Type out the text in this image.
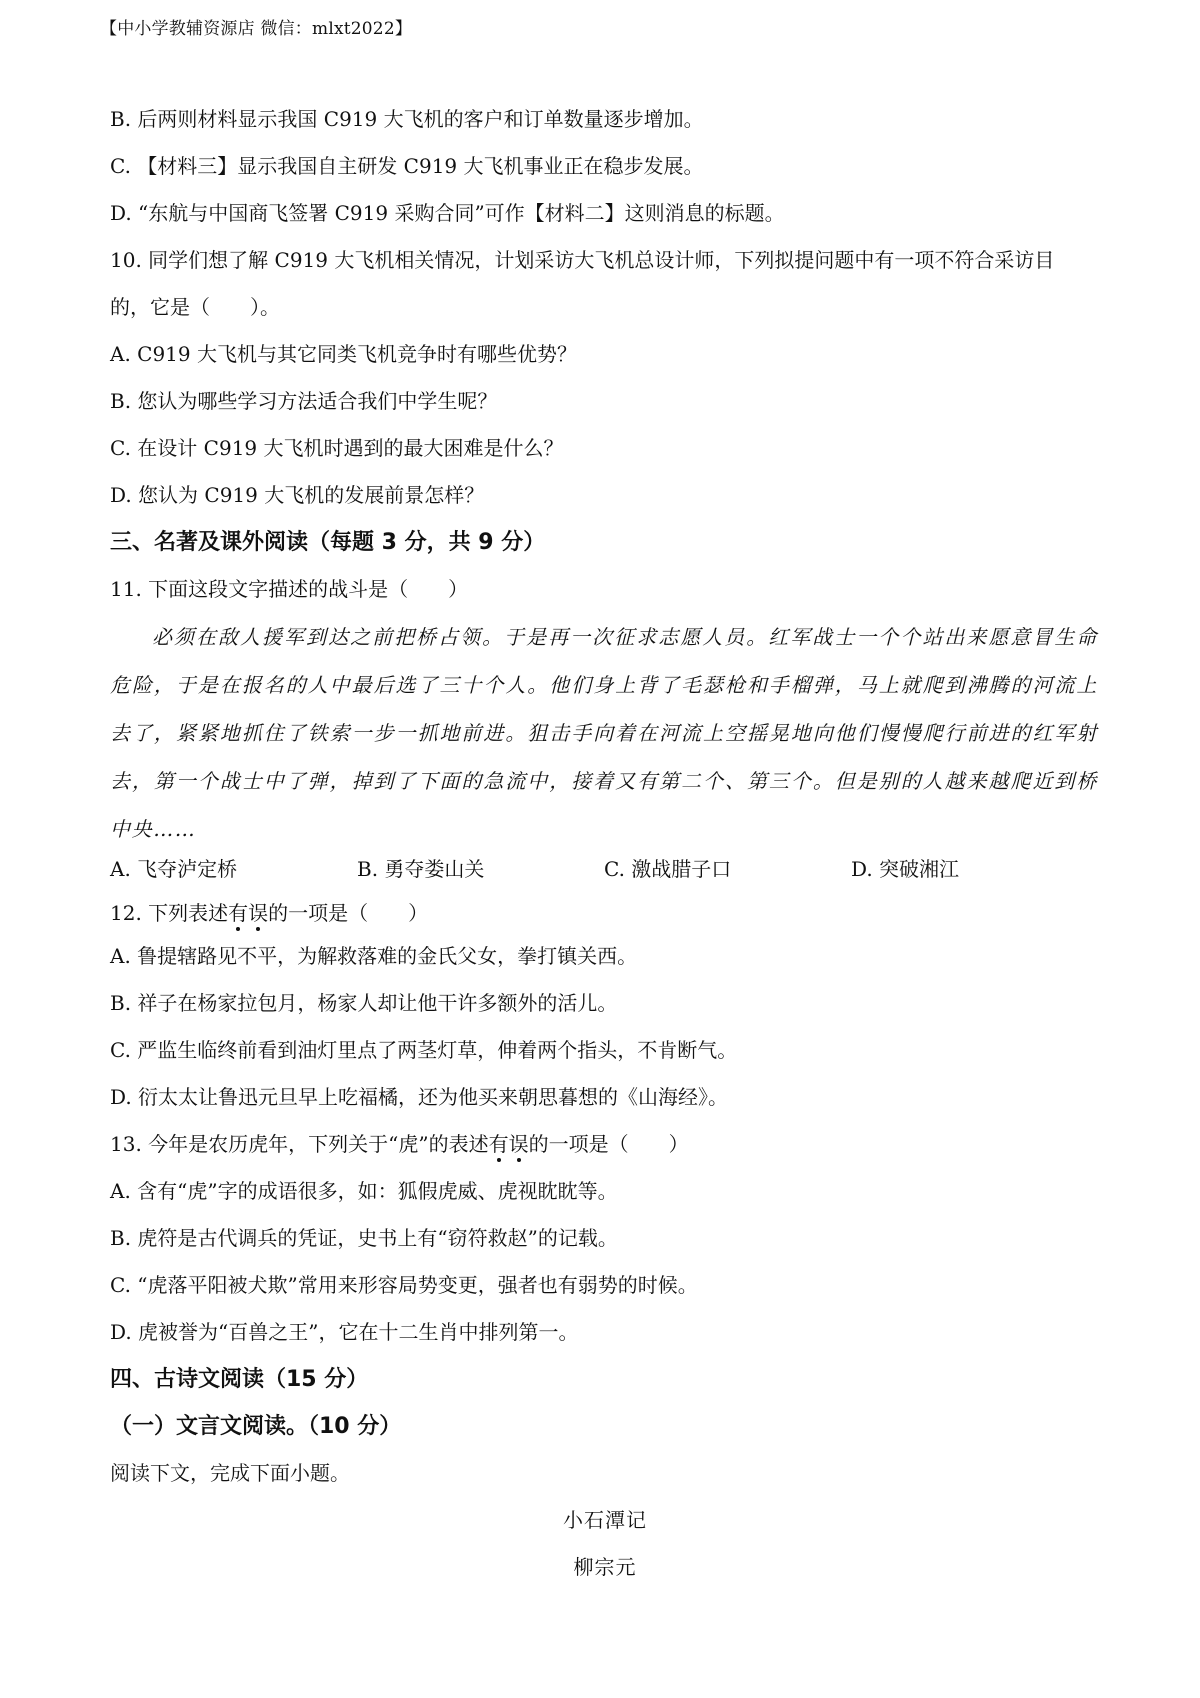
【中小学教辅资源店 微信：mlxt2022】
B. 后两则材料显示我国 C919 大飞机的客户和订单数量逐步增加。
C. 【材料三】显示我国自主研发 C919 大飞机事业正在稳步发展。
D. “东航与中国商飞签署 C919 采购合同”可作【材料二】这则消息的标题。
10. 同学们想了解 C919 大飞机相关情况，计划采访大飞机总设计师，下列拟提问题中有一项不符合采访目
的，它是（　　）。
A. C919 大飞机与其它同类飞机竞争时有哪些优势？
B. 您认为哪些学习方法适合我们中学生呢？
C. 在设计 C919 大飞机时遇到的最大困难是什么？
D. 您认为 C919 大飞机的发展前景怎样？
三、名著及课外阅读（每题 3 分，共 9 分）
11. 下面这段文字描述的战斗是（　　）

必须在敌人援军到达之前把桥占领。于是再一次征求志愿人员。红军战士一个个站出来愿意冒生命危险，于是在报名的人中最后选了三十个人。他们身上背了毛瑟枪和手榴弹，马上就爬到沸腾的河流上去了，紧紧地抓住了铁索一步一抓地前进。狙击手向着在河流上空摇晃地向他们慢慢爬行前进的红军射去，第一个战士中了弹，掉到了下面的急流中，接着又有第二个、第三个。但是别的人越来越爬近到桥中央……

A. 飞夺泸定桥	B. 勇夺娄山关	C. 激战腊子口	D. 突破湘江
12. 下列表述有误的一项是（　　）
A. 鲁提辖路见不平，为解救落难的金氏父女，拳打镇关西。
B. 祥子在杨家拉包月，杨家人却让他干许多额外的活儿。
C. 严监生临终前看到油灯里点了两茎灯草，伸着两个指头，不肯断气。
D. 衍太太让鲁迅元旦早上吃福橘，还为他买来朝思暮想的《山海经》。
13. 今年是农历虎年，下列关于“虎”的表述有误的一项是（　　）
A. 含有“虎”字的成语很多，如：狐假虎威、虎视眈眈等。
B. 虎符是古代调兵的凭证，史书上有“窃符救赵”的记载。
C. “虎落平阳被犬欺”常用来形容局势变更，强者也有弱势的时候。
D. 虎被誉为“百兽之王”，它在十二生肖中排列第一。
四、古诗文阅读（15 分）
（一）文言文阅读。（10 分）
阅读下文，完成下面小题。
小石潭记
柳宗元
